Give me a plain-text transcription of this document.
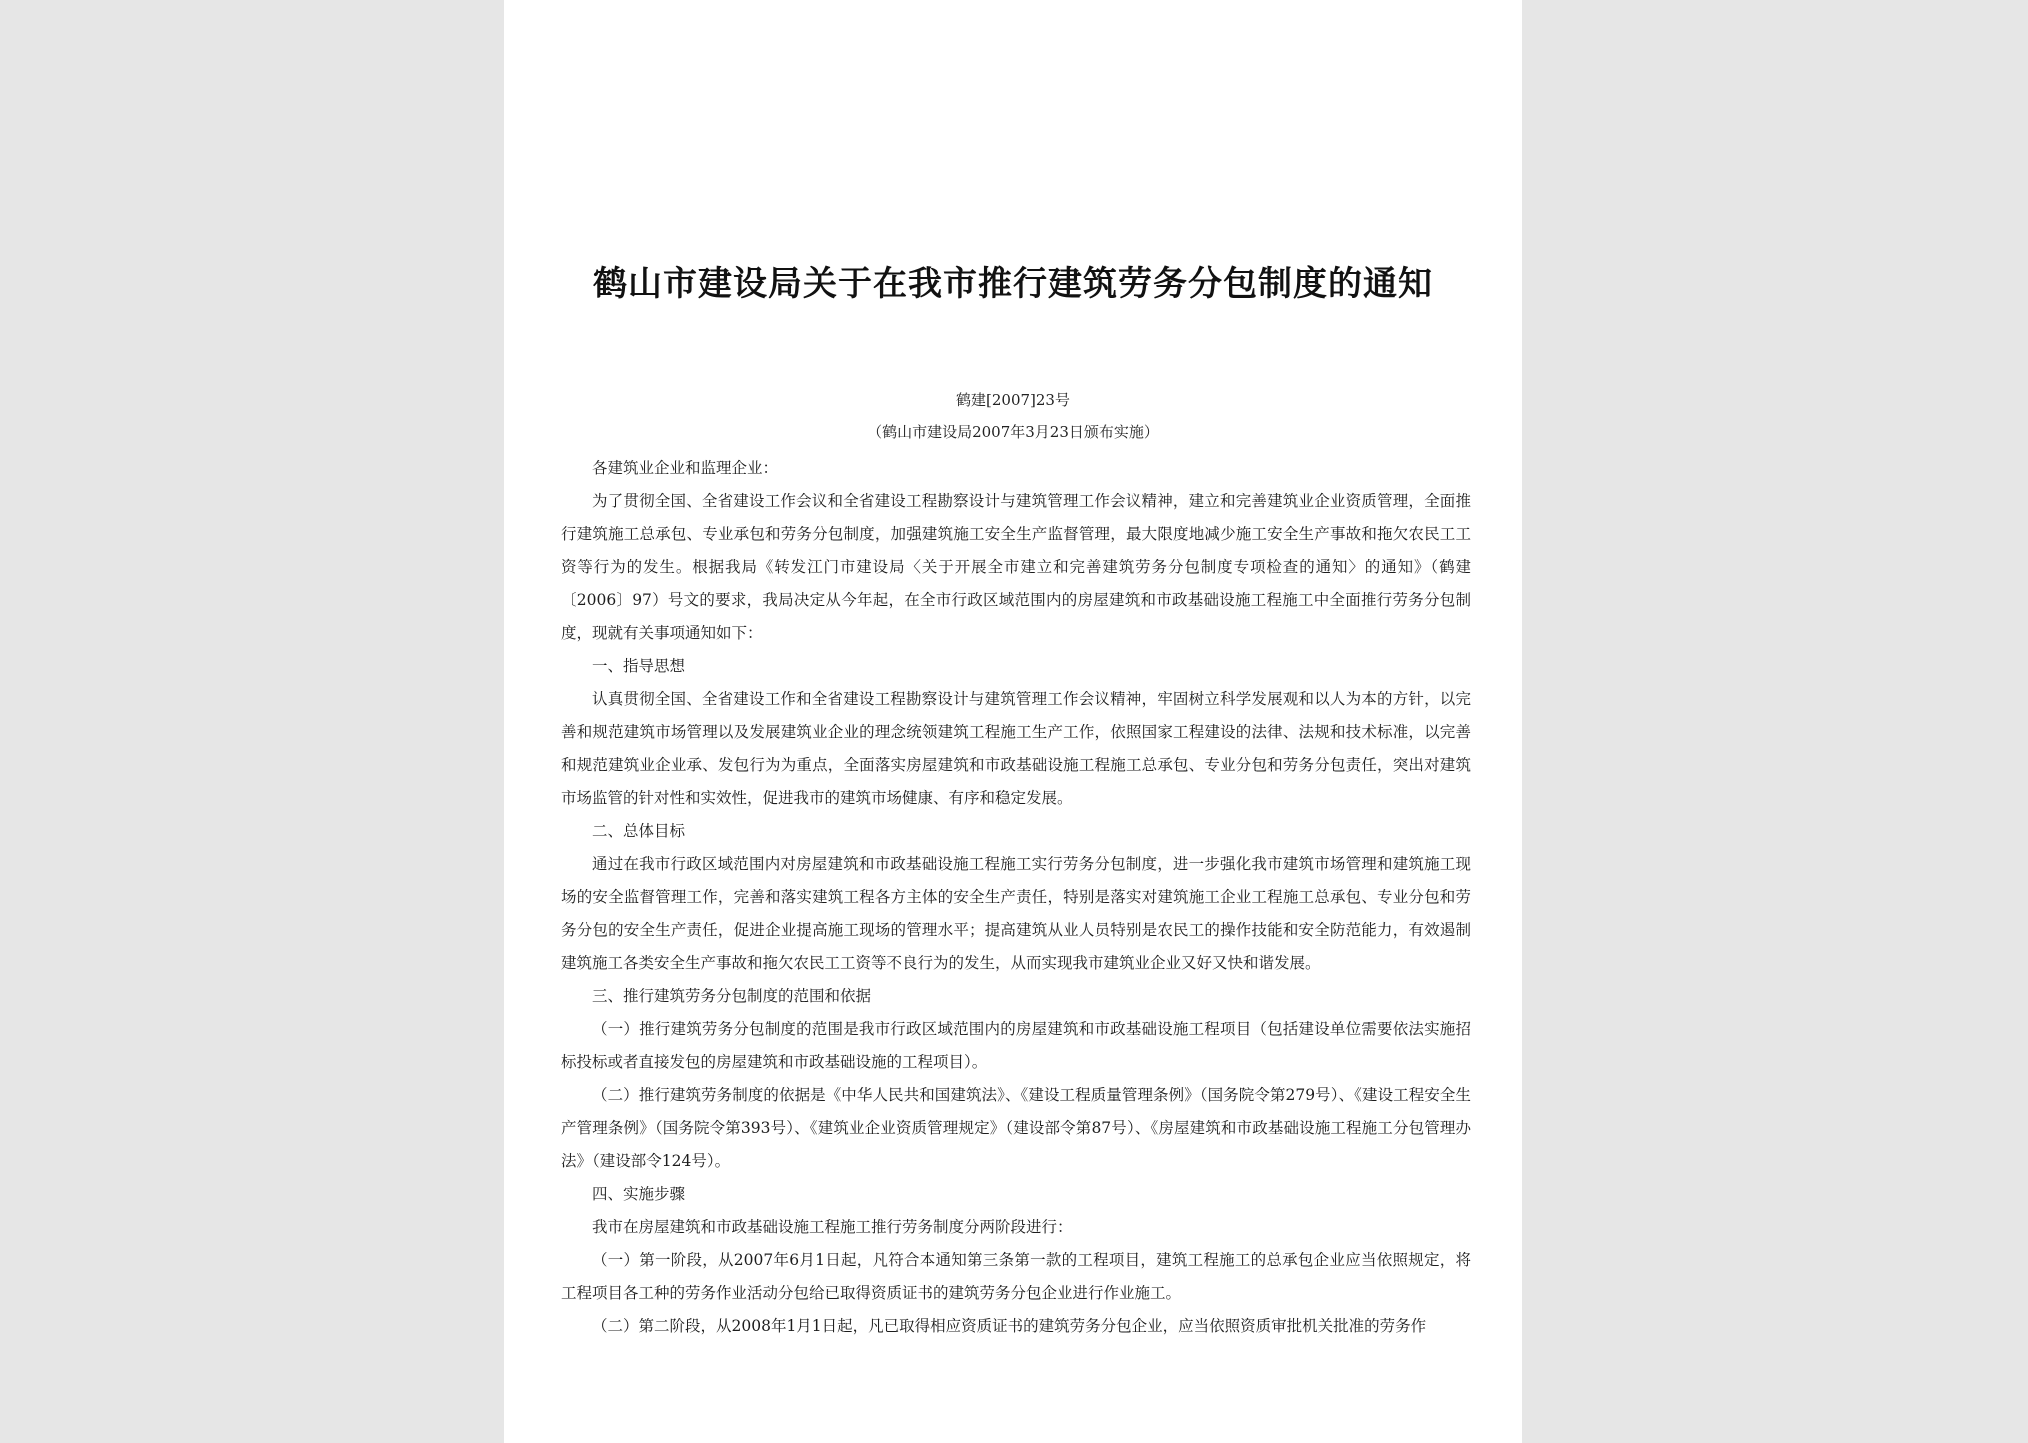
鹤山市建设局关于在我市推行建筑劳务分包制度的通知
鹤建[2007]23号
（鹤山市建设局2007年3月23日颁布实施）

各建筑业企业和监理企业：

为了贯彻全国、全省建设工作会议和全省建设工程勘察设计与建筑管理工作会议精神，建立和完善建筑业企业资质管理，全面推行建筑施工总承包、专业承包和劳务分包制度，加强建筑施工安全生产监督管理，最大限度地减少施工安全生产事故和拖欠农民工工资等行为的发生。根据我局《转发江门市建设局〈关于开展全市建立和完善建筑劳务分包制度专项检查的通知〉的通知》（鹤建〔2006〕97）号文的要求，我局决定从今年起，在全市行政区域范围内的房屋建筑和市政基础设施工程施工中全面推行劳务分包制度，现就有关事项通知如下：

一、指导思想

认真贯彻全国、全省建设工作和全省建设工程勘察设计与建筑管理工作会议精神，牢固树立科学发展观和以人为本的方针，以完善和规范建筑市场管理以及发展建筑业企业的理念统领建筑工程施工生产工作，依照国家工程建设的法律、法规和技术标准，以完善和规范建筑业企业承、发包行为为重点，全面落实房屋建筑和市政基础设施工程施工总承包、专业分包和劳务分包责任，突出对建筑市场监管的针对性和实效性，促进我市的建筑市场健康、有序和稳定发展。

二、总体目标

通过在我市行政区域范围内对房屋建筑和市政基础设施工程施工实行劳务分包制度，进一步强化我市建筑市场管理和建筑施工现场的安全监督管理工作，完善和落实建筑工程各方主体的安全生产责任，特别是落实对建筑施工企业工程施工总承包、专业分包和劳务分包的安全生产责任，促进企业提高施工现场的管理水平；提高建筑从业人员特别是农民工的操作技能和安全防范能力，有效遏制建筑施工各类安全生产事故和拖欠农民工工资等不良行为的发生，从而实现我市建筑业企业又好又快和谐发展。

三、推行建筑劳务分包制度的范围和依据

（一）推行建筑劳务分包制度的范围是我市行政区域范围内的房屋建筑和市政基础设施工程项目（包括建设单位需要依法实施招标投标或者直接发包的房屋建筑和市政基础设施的工程项目）。

（二）推行建筑劳务制度的依据是《中华人民共和国建筑法》、《建设工程质量管理条例》（国务院令第279号）、《建设工程安全生产管理条例》（国务院令第393号）、《建筑业企业资质管理规定》（建设部令第87号）、《房屋建筑和市政基础设施工程施工分包管理办法》（建设部令124号）。

四、实施步骤

我市在房屋建筑和市政基础设施工程施工推行劳务制度分两阶段进行：

（一）第一阶段，从2007年6月1日起，凡符合本通知第三条第一款的工程项目，建筑工程施工的总承包企业应当依照规定，将工程项目各工种的劳务作业活动分包给已取得资质证书的建筑劳务分包企业进行作业施工。

（二）第二阶段，从2008年1月1日起，凡已取得相应资质证书的建筑劳务分包企业，应当依照资质审批机关批准的劳务作
